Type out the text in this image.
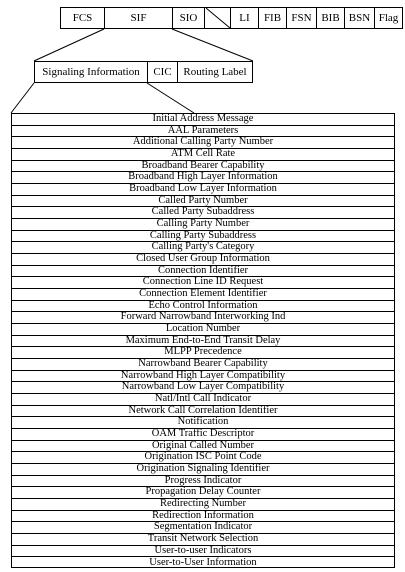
FCS	SIF	SIO	LI FIB FSN BIB BSN Flag
Signaling Information CIC Routing Label
Initial Address Message
AAL Parameters
Additional Calling Party Number
ATM Cell Rate
Broadband Bearer Capability
Broadband High Layer Information
Broadband Low Layer Information
Called Party Number
Called Party Subaddress
Calling Party Number
Calling Party Subaddress
Calling Party's Category
Closed User Group Information
Connection Identifier
Connection Line ID Request
Connection Element Identifier
Echo Control Information
Forward Narrowband Interworking Ind
Location Number
Maximum End-to-End Transit Delay
MLPP Precedence
Narrowband Bearer Capability
Narrowband High Layer Compatibility
Narrowband Low Layer Compatibility
Natl/Intl Call Indicator
Network Call Correlation Identifier
Notification
OAM Traffic Descriptor
Original Called Number
Origination ISC Point Code
Origination Signaling Identifier
Progress Indicator
Propagation Delay Counter
Redirecting Number
Redirection Information
Segmentation Indicator
Transit Network Selection
User-to-user Indicators
User-to-User Information
